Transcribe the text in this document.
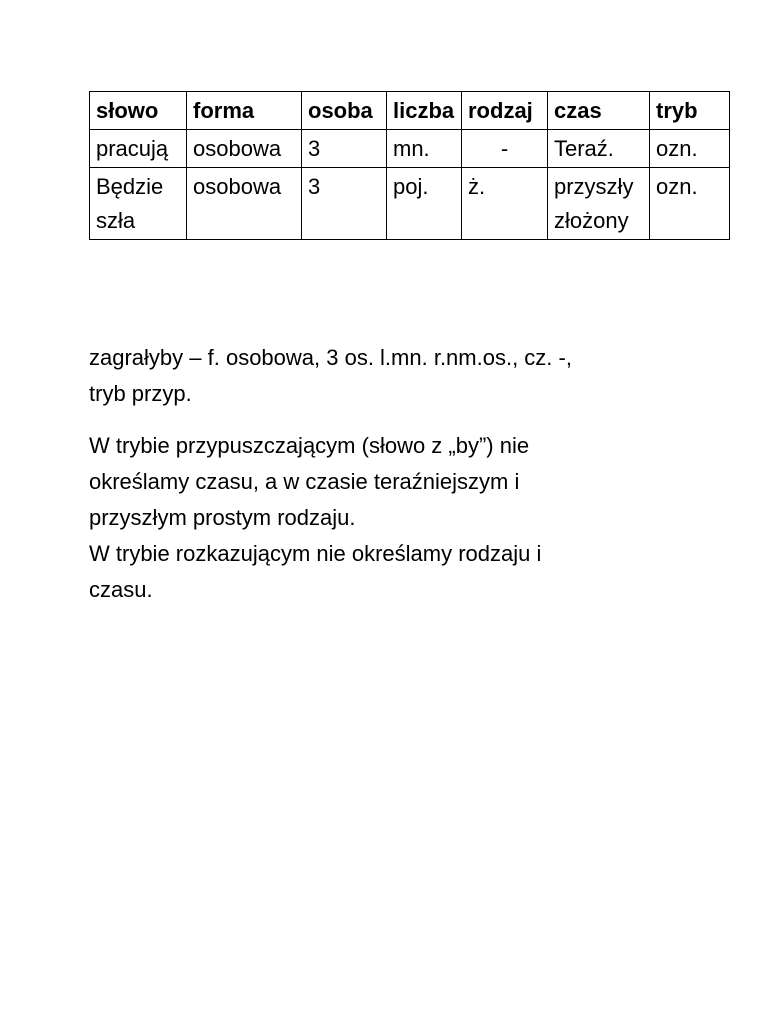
słowo	forma	osoba	liczba	rodzaj	czas	tryb
pracują	osobowa	3	mn.	-	Teraź.	ozn.
Będzie szła	osobowa	3	poj.	ż.	przyszły złożony	ozn.

zagrałyby – f. osobowa, 3 os. l.mn. r.nm.os., cz. -,
tryb przyp.

W trybie przypuszczającym (słowo z „by”) nie
określamy czasu, a w czasie teraźniejszym i
przyszłym prostym rodzaju.
W trybie rozkazującym nie określamy rodzaju i
czasu.
